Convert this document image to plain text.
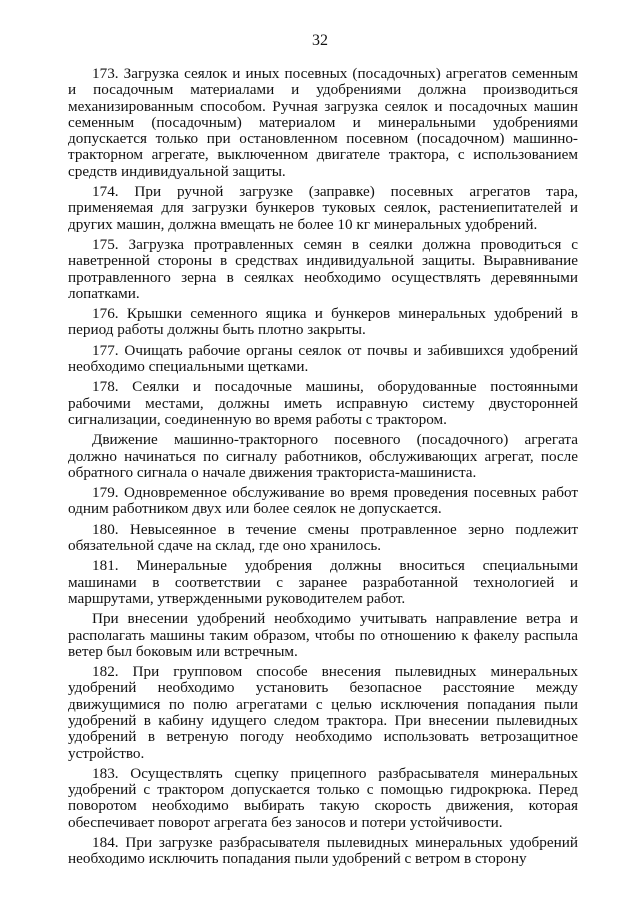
32

173. Загрузка сеялок и иных посевных (посадочных) агрегатов семенным и посадочным материалами и удобрениями должна производиться механизированным способом. Ручная загрузка сеялок и посадочных машин семенным (посадочным) материалом и минеральными удобрениями допускается только при остановленном посевном (посадочном) машинно-тракторном агрегате, выключенном двигателе трактора, с использованием средств индивидуальной защиты.

174. При ручной загрузке (заправке) посевных агрегатов тара, применяемая для загрузки бункеров туковых сеялок, растениепитателей и других машин, должна вмещать не более 10 кг минеральных удобрений.

175. Загрузка протравленных семян в сеялки должна проводиться с наветренной стороны в средствах индивидуальной защиты. Выравнивание протравленного зерна в сеялках необходимо осуществлять деревянными лопатками.

176. Крышки семенного ящика и бункеров минеральных удобрений в период работы должны быть плотно закрыты.

177. Очищать рабочие органы сеялок от почвы и забившихся удобрений необходимо специальными щетками.

178. Сеялки и посадочные машины, оборудованные постоянными рабочими местами, должны иметь исправную систему двусторонней сигнализации, соединенную во время работы с трактором.

Движение машинно-тракторного посевного (посадочного) агрегата должно начинаться по сигналу работников, обслуживающих агрегат, после обратного сигнала о начале движения тракториста-машиниста.

179. Одновременное обслуживание во время проведения посевных работ одним работником двух или более сеялок не допускается.

180. Невысеянное в течение смены протравленное зерно подлежит обязательной сдаче на склад, где оно хранилось.

181. Минеральные удобрения должны вноситься специальными машинами в соответствии с заранее разработанной технологией и маршрутами, утвержденными руководителем работ.

При внесении удобрений необходимо учитывать направление ветра и располагать машины таким образом, чтобы по отношению к факелу распыла ветер был боковым или встречным.

182. При групповом способе внесения пылевидных минеральных удобрений необходимо установить безопасное расстояние между движущимися по полю агрегатами с целью исключения попадания пыли удобрений в кабину идущего следом трактора. При внесении пылевидных удобрений в ветреную погоду необходимо использовать ветрозащитное устройство.

183. Осуществлять сцепку прицепного разбрасывателя минеральных удобрений с трактором допускается только с помощью гидрокрюка. Перед поворотом необходимо выбирать такую скорость движения, которая обеспечивает поворот агрегата без заносов и потери устойчивости.

184. При загрузке разбрасывателя пылевидных минеральных удобрений необходимо исключить попадания пыли удобрений с ветром в сторону
